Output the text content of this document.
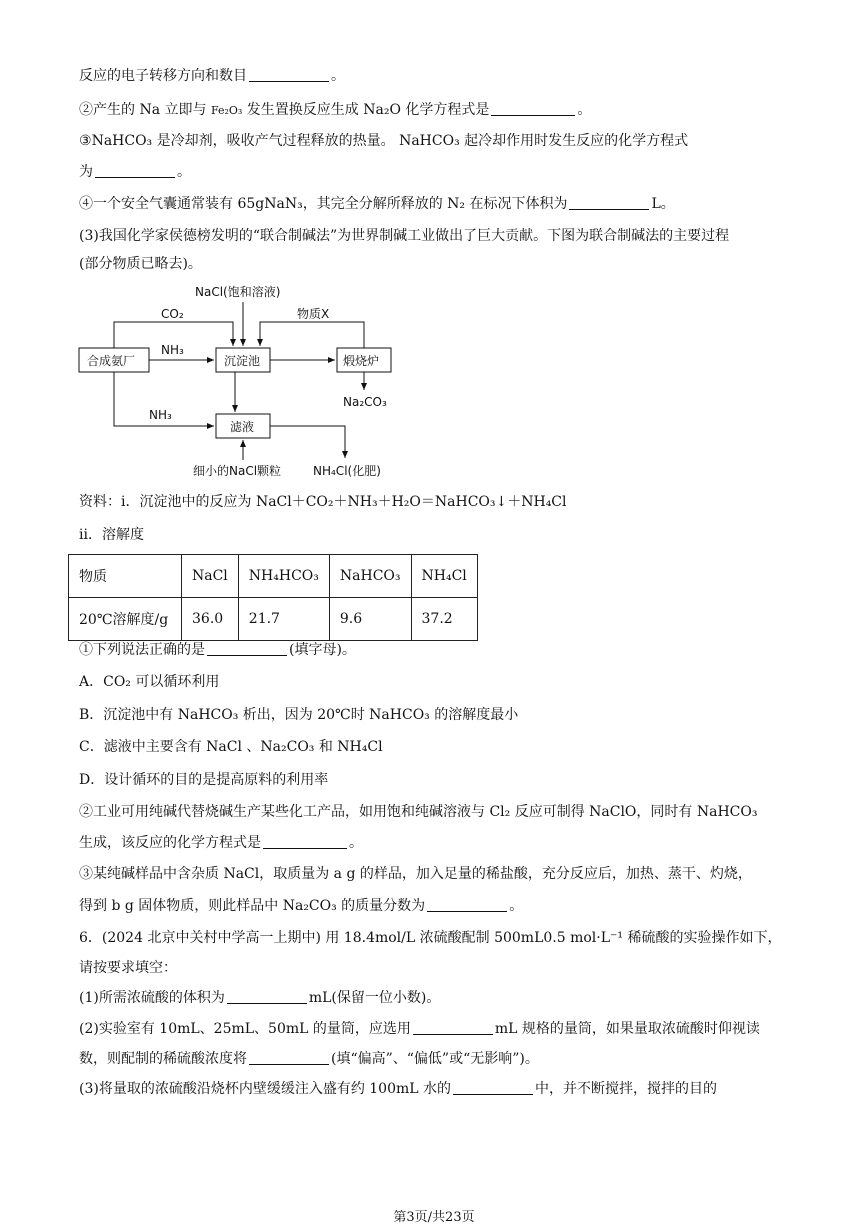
反应的电子转移方向和数目	。
②产生的 Na 立即与 Fe₂O₃ 发生置换反应生成 Na₂O 化学方程式是	。
③NaHCO₃ 是冷却剂，吸收产气过程释放的热量。 NaHCO₃ 起冷却作用时发生反应的化学方程式
为	。
④一个安全气囊通常装有 65gNaN₃，其完全分解所释放的 N₂ 在标况下体积为	L。
(3)我国化学家侯德榜发明的“联合制碱法”为世界制碱工业做出了巨大贡献。下图为联合制碱法的主要过程
(部分物质已略去)。
合成氨厂	沉淀池	煅烧炉
滤液
NaCl(饱和溶液)
CO₂	物质X
NH₃
Na₂CO₃
NH₃
细小的NaCl颗粒	NH₄Cl(化肥)
资料：i．沉淀池中的反应为 NaCl＋CO₂＋NH₃＋H₂O＝NaHCO₃↓＋NH₄Cl
ii．溶解度
物质	NaCl	NH₄HCO₃	NaHCO₃	NH₄Cl
20℃溶解度/g	36.0	21.7	9.6	37.2
①下列说法正确的是	(填字母)。
A．CO₂ 可以循环利用
B．沉淀池中有 NaHCO₃ 析出，因为 20℃时 NaHCO₃ 的溶解度最小
C．滤液中主要含有 NaCl 、Na₂CO₃ 和 NH₄Cl
D．设计循环的目的是提高原料的利用率
②工业可用纯碱代替烧碱生产某些化工产品，如用饱和纯碱溶液与 Cl₂ 反应可制得 NaClO，同时有 NaHCO₃
生成，该反应的化学方程式是	。
③某纯碱样品中含杂质 NaCl，取质量为 a g 的样品，加入足量的稀盐酸，充分反应后，加热、蒸干、灼烧，
得到 b g 固体物质，则此样品中 Na₂CO₃ 的质量分数为	。
6．(2024 北京中关村中学高一上期中) 用 18.4mol/L 浓硫酸配制 500mL0.5 mol·L⁻¹ 稀硫酸的实验操作如下，
请按要求填空：
(1)所需浓硫酸的体积为	mL(保留一位小数)。
(2)实验室有 10mL、25mL、50mL 的量筒，应选用	mL 规格的量筒，如果量取浓硫酸时仰视读
数，则配制的稀硫酸浓度将	(填“偏高”、“偏低”或“无影响”)。
(3)将量取的浓硫酸沿烧杯内壁缓缓注入盛有约 100mL 水的	中，并不断搅拌，搅拌的目的
第3页/共23页
